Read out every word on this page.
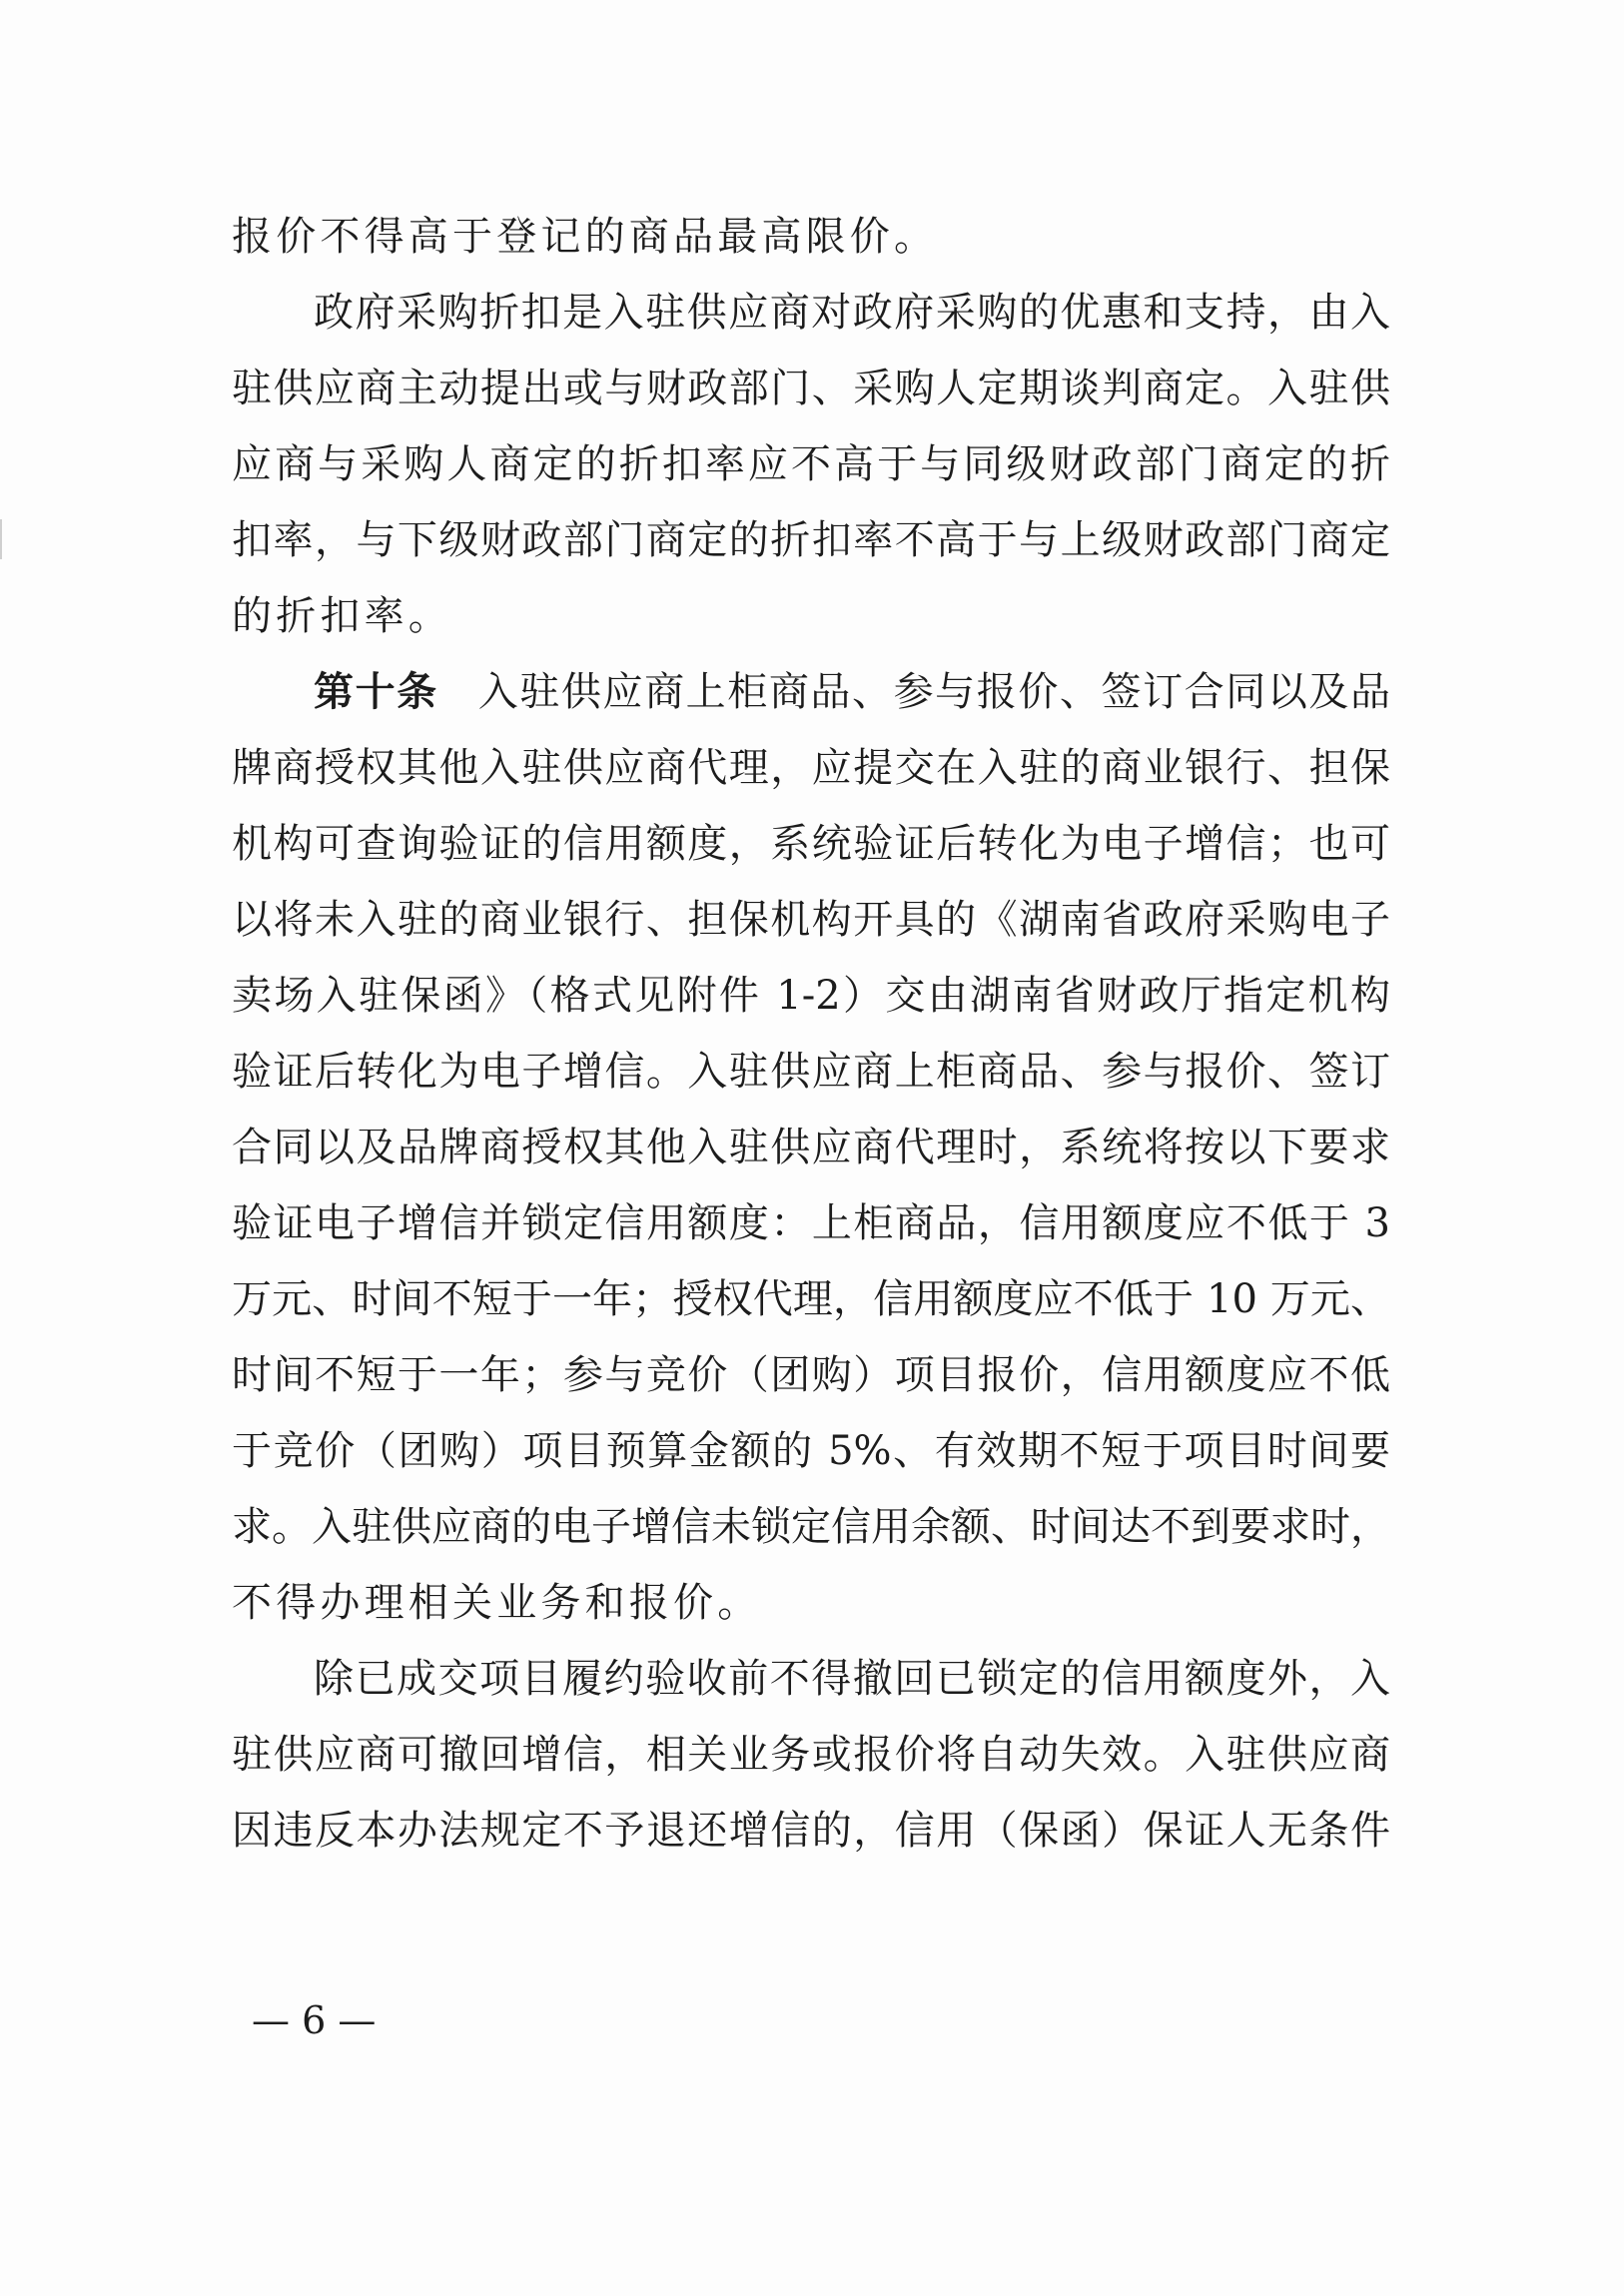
报价不得高于登记的商品最高限价。
政府采购折扣是入驻供应商对政府采购的优惠和支持，由入
驻供应商主动提出或与财政部门、采购人定期谈判商定。入驻供
应商与采购人商定的折扣率应不高于与同级财政部门商定的折
扣率，与下级财政部门商定的折扣率不高于与上级财政部门商定
的折扣率。
第十条 入驻供应商上柜商品、参与报价、签订合同以及品
牌商授权其他入驻供应商代理，应提交在入驻的商业银行、担保
机构可查询验证的信用额度，系统验证后转化为电子增信；也可
以将未入驻的商业银行、担保机构开具的《湖南省政府采购电子
卖场入驻保函》（格式见附件 1-2）交由湖南省财政厅指定机构
验证后转化为电子增信。入驻供应商上柜商品、参与报价、签订
合同以及品牌商授权其他入驻供应商代理时，系统将按以下要求
验证电子增信并锁定信用额度：上柜商品，信用额度应不低于 3
万元、时间不短于一年；授权代理，信用额度应不低于 10 万元、
时间不短于一年；参与竞价（团购）项目报价，信用额度应不低
于竞价（团购）项目预算金额的 5%、有效期不短于项目时间要
求。入驻供应商的电子增信未锁定信用余额、时间达不到要求时，
不得办理相关业务和报价。
除已成交项目履约验收前不得撤回已锁定的信用额度外，入
驻供应商可撤回增信，相关业务或报价将自动失效。入驻供应商
因违反本办法规定不予退还增信的，信用（保函）保证人无条件
— 6 —
